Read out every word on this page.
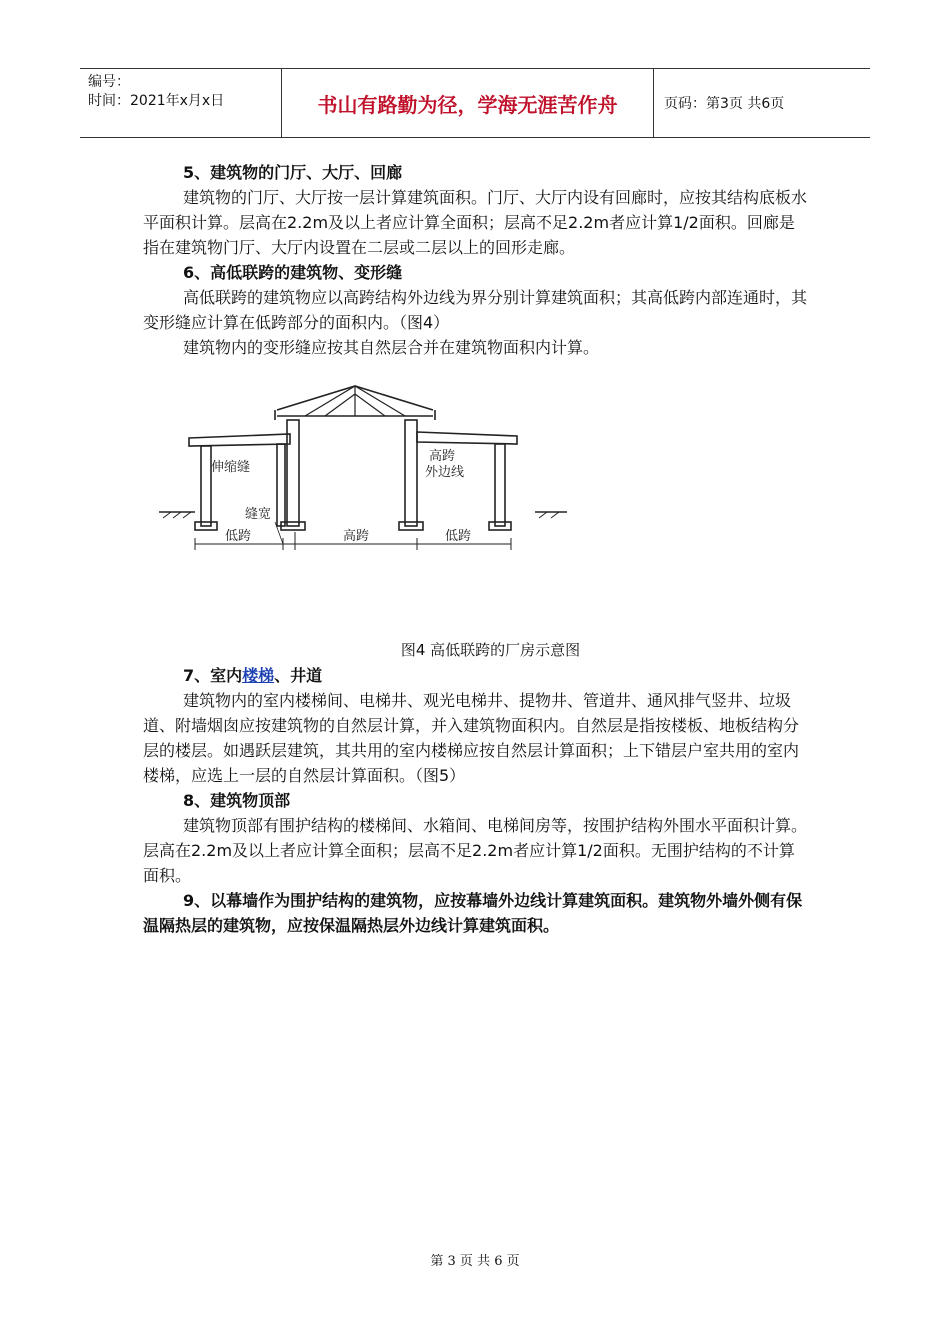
编号：
时间：2021年x月x日	书山有路勤为径，学海无涯苦作舟	页码：第3页 共6页

5、建筑物的门厅、大厅、回廊

建筑物的门厅、大厅按一层计算建筑面积。门厅、大厅内设有回廊时，应按其结构底板水平面积计算。层高在2.2m及以上者应计算全面积；层高不足2.2m者应计算1/2面积。回廊是指在建筑物门厅、大厅内设置在二层或二层以上的回形走廊。

6、高低联跨的建筑物、变形缝

高低联跨的建筑物应以高跨结构外边线为界分别计算建筑面积；其高低跨内部连通时，其变形缝应计算在低跨部分的面积内。（图4）

建筑物内的变形缝应按其自然层合并在建筑物面积内计算。

伸缩缝
高跨
外边线
缝宽
低跨	高跨	低跨

图4 高低联跨的厂房示意图

7、室内楼梯、井道

建筑物内的室内楼梯间、电梯井、观光电梯井、提物井、管道井、通风排气竖井、垃圾道、附墙烟囱应按建筑物的自然层计算，并入建筑物面积内。自然层是指按楼板、地板结构分层的楼层。如遇跃层建筑，其共用的室内楼梯应按自然层计算面积；上下错层户室共用的室内楼梯，应选上一层的自然层计算面积。（图5）

8、建筑物顶部

建筑物顶部有围护结构的楼梯间、水箱间、电梯间房等，按围护结构外围水平面积计算。层高在2.2m及以上者应计算全面积；层高不足2.2m者应计算1/2面积。无围护结构的不计算面积。

9、以幕墙作为围护结构的建筑物，应按幕墙外边线计算建筑面积。建筑物外墙外侧有保温隔热层的建筑物，应按保温隔热层外边线计算建筑面积。

第 3 页 共 6 页
